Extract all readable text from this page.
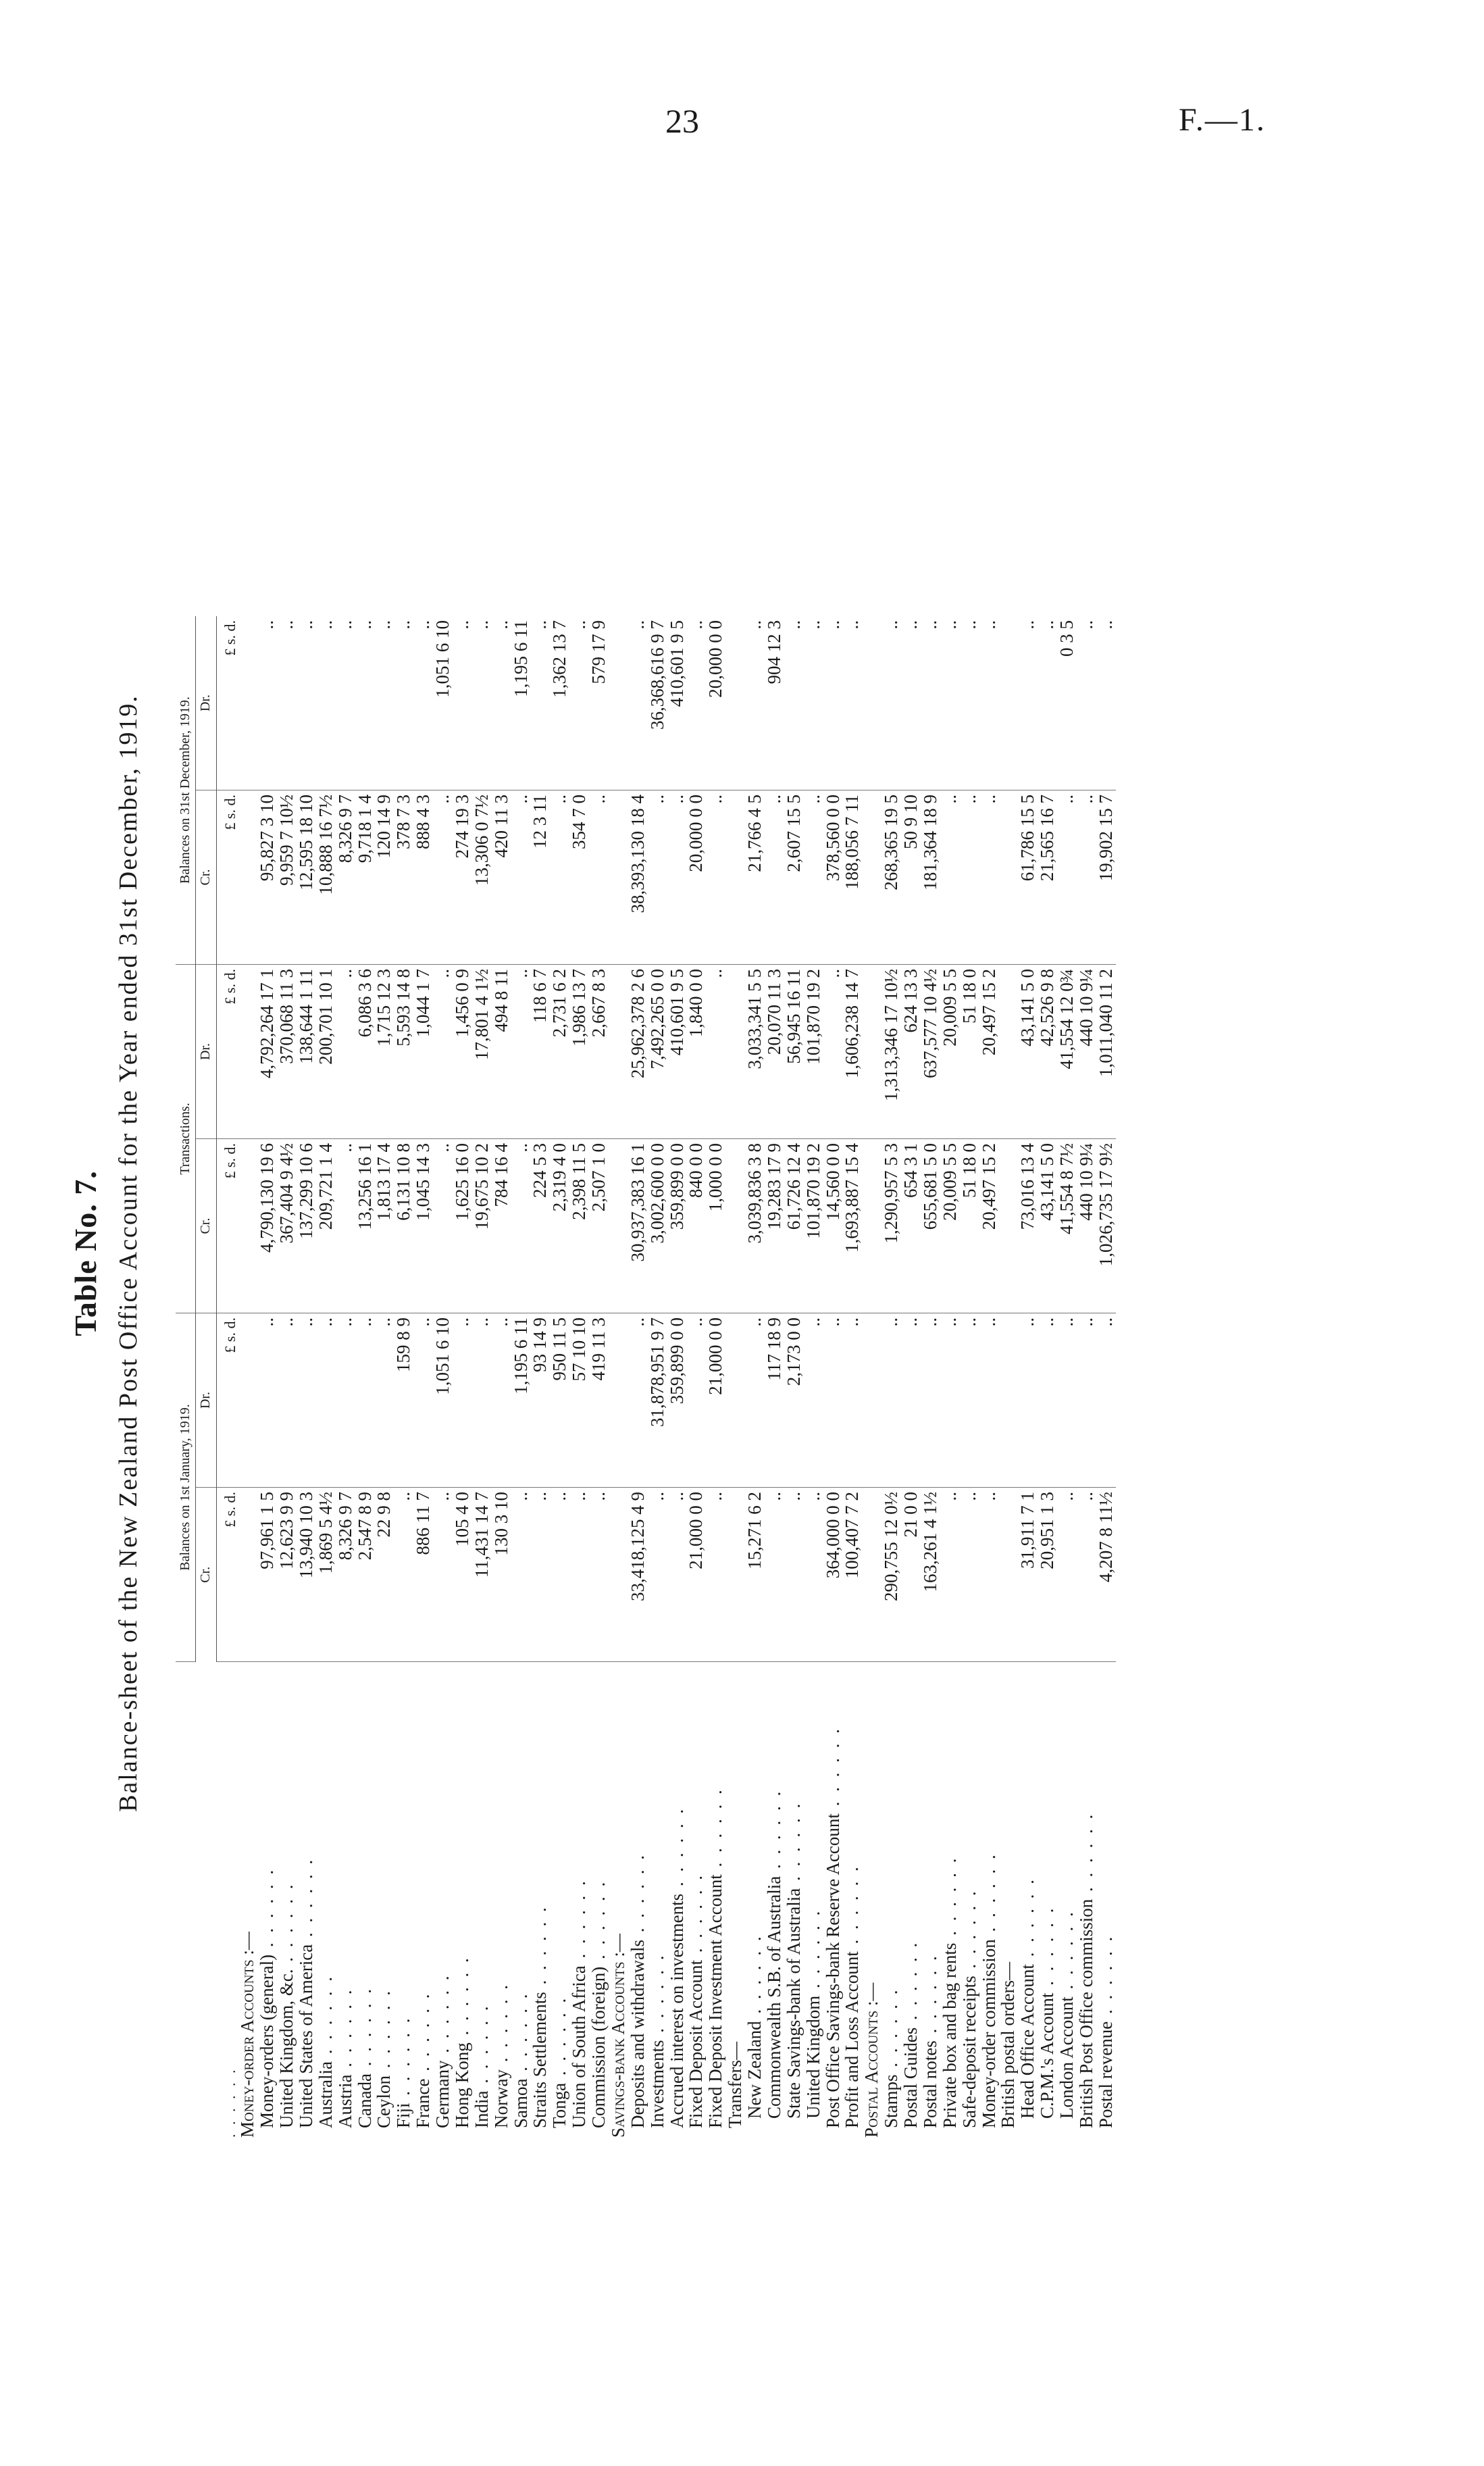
23	F.—1.
Table No. 7. Balance-sheet of the New Zealand Post Office Account for the Year ended 31st December, 1919.
		Balances on 1st January, 1919.		Transactions.		Balances on 31st December, 1919.	
	Cr.	Dr.	Cr.	Dr.	Cr.	Dr.
. . . . . .	£ s. d.	£ s. d.	£ s. d.	£ s. d.	£ s. d.	£ s. d.
Money-order Accounts :—						
Money-orders (general) . . . . . .	97,961 1 5	..	4,790,130 19 6	4,792,264 17 1	95,827 3 10	..
United Kingdom, &c. . . . . . .	12,623 9 9	..	367,404 9 4½	370,068 11 3	9,959 7 10½	..
United States of America . . . . . .	13,940 10 3	..	137,299 10 6	138,644 1 11	12,595 18 10	..
Australia . . . . . .	1,869 5 4½	..	209,721 1 4	200,701 10 1	10,888 16 7½	..
Austria . . . . . .	8,326 9 7	..	..	..	8,326 9 7	..
Canada . . . . . .	2,547 8 9	..	13,256 16 1	6,086 3 6	9,718 1 4	..
Ceylon . . . . . .	22 9 8	..	1,813 17 4	1,715 12 3	120 14 9	..
Fiji . . . . . .	..	159 8 9	6,131 10 8	5,593 14 8	378 7 3	..
France . . . . . .	886 11 7	..	1,045 14 3	1,044 1 7	888 4 3	..
Germany . . . . . .	..	1,051 6 10	..	..	..	1,051 6 10
Hong Kong . . . . . .	105 4 0	..	1,625 16 0	1,456 0 9	274 19 3	..
India . . . . . .	11,431 14 7	..	19,675 10 2	17,801 4 1½	13,306 0 7½	..
Norway . . . . . .	130 3 10	..	784 16 4	494 8 11	420 11 3	..
Samoa . . . . . .	..	1,195 6 11	..	..	..	1,195 6 11
Straits Settlements . . . . . .	..	93 14 9	224 5 3	118 6 7	12 3 11	..
Tonga . . . . . .	..	950 11 5	2,319 4 0	2,731 6 2	..	1,362 13 7
Union of South Africa . . . . . .	..	57 10 10	2,398 11 5	1,986 13 7	354 7 0	..
Commission (foreign) . . . . . .	..	419 11 3	2,507 1 0	2,667 8 3	..	579 17 9
Savings-bank Accounts :—						
Deposits and withdrawals . . . . . .	33,418,125 4 9	..	30,937,383 16 1	25,962,378 2 6	38,393,130 18 4	..
Investments . . . . . .	..	31,878,951 9 7	3,002,600 0 0	7,492,265 0 0	..	36,368,616 9 7
Accrued interest on investments . . . . . .	..	359,899 0 0	359,899 0 0	410,601 9 5	..	410,601 9 5
Fixed Deposit Account . . . . . .	21,000 0 0	..	840 0 0	1,840 0 0	20,000 0 0	..
Fixed Deposit Investment Account . . . . . .	..	21,000 0 0	1,000 0 0	..	..	20,000 0 0
Transfers—						
New Zealand . . . . . .	15,271 6 2	..	3,039,836 3 8	3,033,341 5 5	21,766 4 5	..
Commonwealth S.B. of Australia . . . . . .	..	117 18 9	19,283 17 9	20,070 11 3	..	904 12 3
State Savings-bank of Australia . . . . . .	..	2,173 0 0	61,726 12 4	56,945 16 11	2,607 15 5	..
United Kingdom . . . . . .	..	..	101,870 19 2	101,870 19 2	..	..
Post Office Savings-bank Reserve Account . . . . . .	364,000 0 0	..	14,560 0 0	..	378,560 0 0	..
Profit and Loss Account . . . . . .	100,407 7 2	..	1,693,887 15 4	1,606,238 14 7	188,056 7 11	..
Postal Accounts :—						
Stamps . . . . . .	290,755 12 0½	..	1,290,957 5 3	1,313,346 17 10½	268,365 19 5	..
Postal Guides . . . . . .	21 0 0	..	654 3 1	624 13 3	50 9 10	..
Postal notes . . . . . .	163,261 4 1½	..	655,681 5 0	637,577 10 4½	181,364 18 9	..
Private box and bag rents . . . . . .	..	..	20,009 5 5	20,009 5 5	..	..
Safe-deposit receipts . . . . . .	..	..	51 18 0	51 18 0	..	..
Money-order commission . . . . . .	..	..	20,497 15 2	20,497 15 2	..	..
British postal orders—						
Head Office Account . . . . . .	31,911 7 1	..	73,016 13 4	43,141 5 0	61,786 15 5	..
C.P.M.'s Account . . . . . .	20,951 1 3	..	43,141 5 0	42,526 9 8	21,565 16 7	..
London Account . . . . . .	..	..	41,554 8 7½	41,554 12 0¾	..	0 3 5
British Post Office commission . . . . . .	..	..	440 10 9¼	440 10 9¼	..	..
Postal revenue . . . . . .	4,207 8 11½	..	1,026,735 17 9½	1,011,040 11 2	19,902 15 7	..
